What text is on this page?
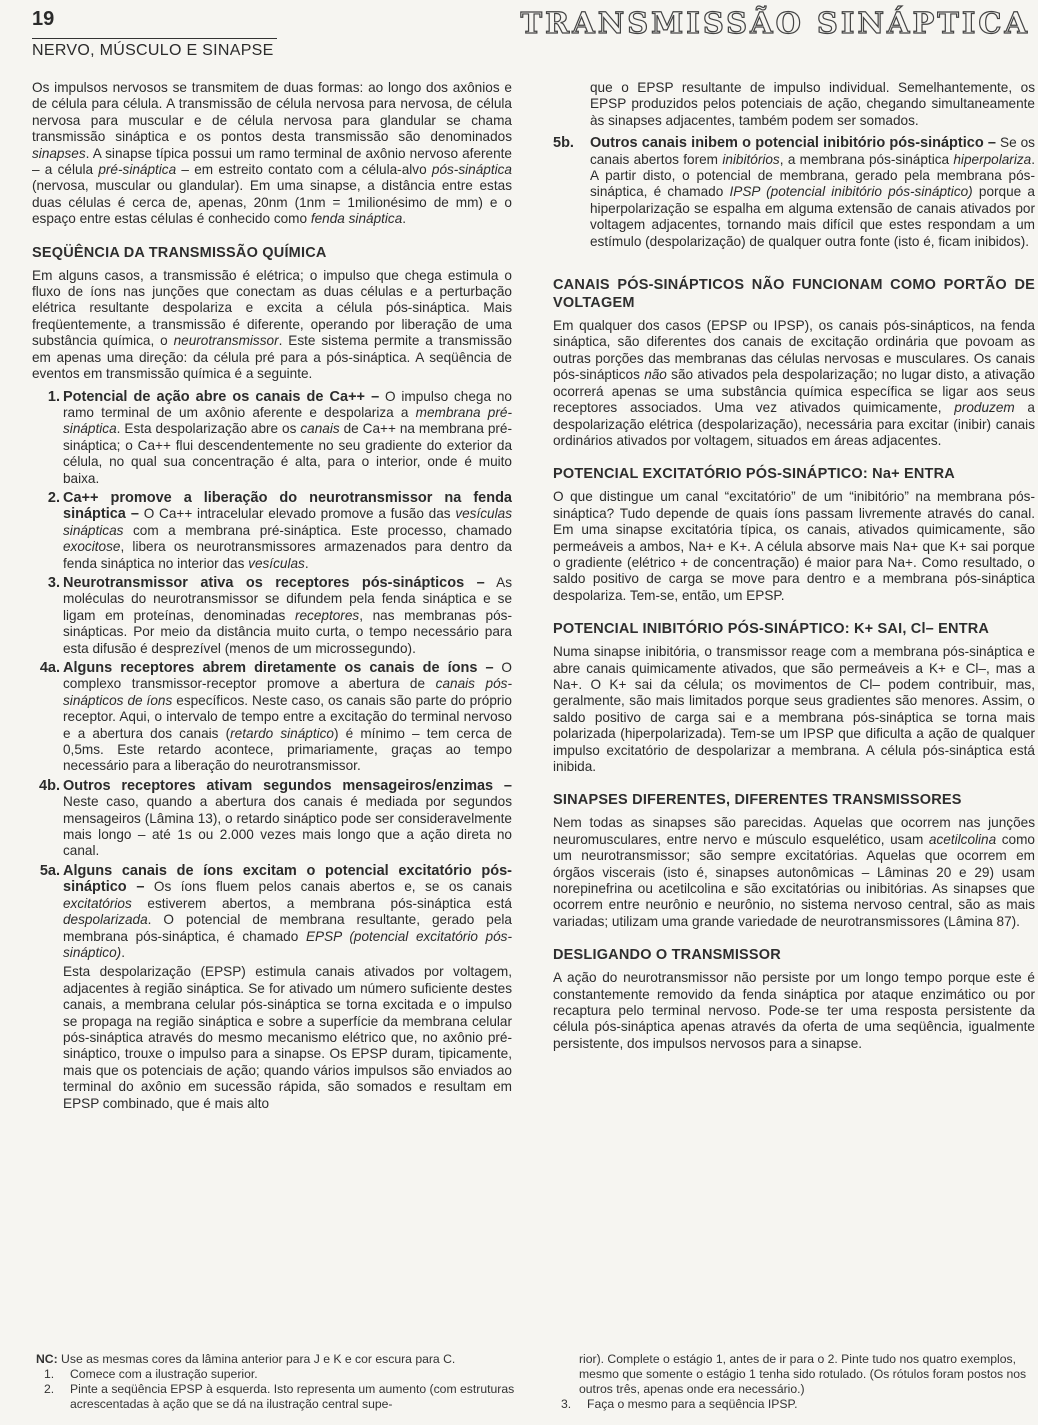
19
NERVO, MÚSCULO E SINAPSE
TRANSMISSÃO SINÁPTICA

Os impulsos nervosos se transmitem de duas formas: ao longo dos axônios e de célula para célula. A transmissão de célula nervosa para nervosa, de célula nervosa para muscular e de célula nervosa para glandular se chama transmissão sináptica e os pontos desta transmissão são denominados sinapses. A sinapse típica possui um ramo terminal de axônio nervoso aferente – a célula pré-sináptica – em estreito contato com a célula-alvo pós-sináptica (nervosa, muscular ou glandular). Em uma sinapse, a distância entre estas duas células é cerca de, apenas, 20nm (1nm = 1milionésimo de mm) e o espaço entre estas células é conhecido como fenda sináptica.

SEQÜÊNCIA DA TRANSMISSÃO QUÍMICA

Em alguns casos, a transmissão é elétrica; o impulso que chega estimula o fluxo de íons nas junções que conectam as duas células e a perturbação elétrica resultante despolariza e excita a célula pós-sináptica. Mais freqüentemente, a transmissão é diferente, operando por liberação de uma substância química, o neurotransmissor. Este sistema permite a transmissão em apenas uma direção: da célula pré para a pós-sináptica. A seqüência de eventos em transmissão química é a seguinte.

1. Potencial de ação abre os canais de Ca++ – O impulso chega no ramo terminal de um axônio aferente e despolariza a membrana pré-sináptica. Esta despolarização abre os canais de Ca++ na membrana pré-sináptica; o Ca++ flui descendentemente no seu gradiente do exterior da célula, no qual sua concentração é alta, para o interior, onde é muito baixa.
2. Ca++ promove a liberação do neurotransmissor na fenda sináptica – O Ca++ intracelular elevado promove a fusão das vesículas sinápticas com a membrana pré-sináptica. Este processo, chamado exocitose, libera os neurotransmissores armazenados para dentro da fenda sináptica no interior das vesículas.
3. Neurotransmissor ativa os receptores pós-sinápticos – As moléculas do neurotransmissor se difundem pela fenda sináptica e se ligam em proteínas, denominadas receptores, nas membranas pós-sinápticas. Por meio da distância muito curta, o tempo necessário para esta difusão é desprezível (menos de um microssegundo).
4a. Alguns receptores abrem diretamente os canais de íons – O complexo transmissor-receptor promove a abertura de canais pós-sinápticos de íons específicos. Neste caso, os canais são parte do próprio receptor. Aqui, o intervalo de tempo entre a excitação do terminal nervoso e a abertura dos canais (retardo sináptico) é mínimo – tem cerca de 0,5ms. Este retardo acontece, primariamente, graças ao tempo necessário para a liberação do neurotransmissor.
4b. Outros receptores ativam segundos mensageiros/enzimas – Neste caso, quando a abertura dos canais é mediada por segundos mensageiros (Lâmina 13), o retardo sináptico pode ser consideravelmente mais longo – até 1s ou 2.000 vezes mais longo que a ação direta no canal.
5a. Alguns canais de íons excitam o potencial excitatório pós-sináptico – Os íons fluem pelos canais abertos e, se os canais excitatórios estiverem abertos, a membrana pós-sináptica está despolarizada. O potencial de membrana resultante, gerado pela membrana pós-sináptica, é chamado EPSP (potencial excitatório pós-sináptico).

Esta despolarização (EPSP) estimula canais ativados por voltagem, adjacentes à região sináptica. Se for ativado um número suficiente destes canais, a membrana celular pós-sináptica se torna excitada e o impulso se propaga na região sináptica e sobre a superfície da membrana celular pós-sináptica através do mesmo mecanismo elétrico que, no axônio pré-sináptico, trouxe o impulso para a sinapse. Os EPSP duram, tipicamente, mais que os potenciais de ação; quando vários impulsos são enviados ao terminal do axônio em sucessão rápida, são somados e resultam em EPSP combinado, que é mais alto

que o EPSP resultante de impulso individual. Semelhantemente, os EPSP produzidos pelos potenciais de ação, chegando simultaneamente às sinapses adjacentes, também podem ser somados.

5b. Outros canais inibem o potencial inibitório pós-sináptico – Se os canais abertos forem inibitórios, a membrana pós-sináptica hiperpolariza. A partir disto, o potencial de membrana, gerado pela membrana pós-sináptica, é chamado IPSP (potencial inibitório pós-sináptico) porque a hiperpolarização se espalha em alguma extensão de canais ativados por voltagem adjacentes, tornando mais difícil que estes respondam a um estímulo (despolarização) de qualquer outra fonte (isto é, ficam inibidos).
CANAIS PÓS-SINÁPTICOS NÃO FUNCIONAM COMO PORTÃO DE VOLTAGEM

Em qualquer dos casos (EPSP ou IPSP), os canais pós-sinápticos, na fenda sináptica, são diferentes dos canais de excitação ordinária que povoam as outras porções das membranas das células nervosas e musculares. Os canais pós-sinápticos não são ativados pela despolarização; no lugar disto, a ativação ocorrerá apenas se uma substância química específica se ligar aos seus receptores associados. Uma vez ativados quimicamente, produzem a despolarização elétrica (despolarização), necessária para excitar (inibir) canais ordinários ativados por voltagem, situados em áreas adjacentes.

POTENCIAL EXCITATÓRIO PÓS-SINÁPTICO: Na+ ENTRA

O que distingue um canal “excitatório” de um “inibitório” na membrana pós-sináptica? Tudo depende de quais íons passam livremente através do canal. Em uma sinapse excitatória típica, os canais, ativados quimicamente, são permeáveis a ambos, Na+ e K+. A célula absorve mais Na+ que K+ sai porque o gradiente (elétrico + de concentração) é maior para Na+. Como resultado, o saldo positivo de carga se move para dentro e a membrana pós-sináptica despolariza. Tem-se, então, um EPSP.

POTENCIAL INIBITÓRIO PÓS-SINÁPTICO: K+ SAI, Cl– ENTRA

Numa sinapse inibitória, o transmissor reage com a membrana pós-sináptica e abre canais quimicamente ativados, que são permeáveis a K+ e Cl–, mas a Na+. O K+ sai da célula; os movimentos de Cl– podem contribuir, mas, geralmente, são mais limitados porque seus gradientes são menores. Assim, o saldo positivo de carga sai e a membrana pós-sináptica se torna mais polarizada (hiperpolarizada). Tem-se um IPSP que dificulta a ação de qualquer impulso excitatório de despolarizar a membrana. A célula pós-sináptica está inibida.

SINAPSES DIFERENTES, DIFERENTES TRANSMISSORES

Nem todas as sinapses são parecidas. Aquelas que ocorrem nas junções neuromusculares, entre nervo e músculo esquelético, usam acetilcolina como um neurotransmissor; são sempre excitatórias. Aquelas que ocorrem em órgãos viscerais (isto é, sinapses autonômicas – Lâminas 20 e 29) usam norepinefrina ou acetilcolina e são excitatórias ou inibitórias. As sinapses que ocorrem entre neurônio e neurônio, no sistema nervoso central, são as mais variadas; utilizam uma grande variedade de neurotransmissores (Lâmina 87).

DESLIGANDO O TRANSMISSOR

A ação do neurotransmissor não persiste por um longo tempo porque este é constantemente removido da fenda sináptica por ataque enzimático ou por recaptura pelo terminal nervoso. Pode-se ter uma resposta persistente da célula pós-sináptica apenas através da oferta de uma seqüência, igualmente persistente, dos impulsos nervosos para a sinapse.

NC: Use as mesmas cores da lâmina anterior para J e K e cor escura para C.
1.	Comece com a ilustração superior.
2.	Pinte a seqüência EPSP à esquerda. Isto representa um aumento (com estruturas acrescentadas à ação que se dá na ilustração central supe-
rior). Complete o estágio 1, antes de ir para o 2. Pinte tudo nos quatro exemplos, mesmo que somente o estágio 1 tenha sido rotulado. (Os rótulos foram postos nos outros três, apenas onde era necessário.)
3.	Faça o mesmo para a seqüência IPSP.
